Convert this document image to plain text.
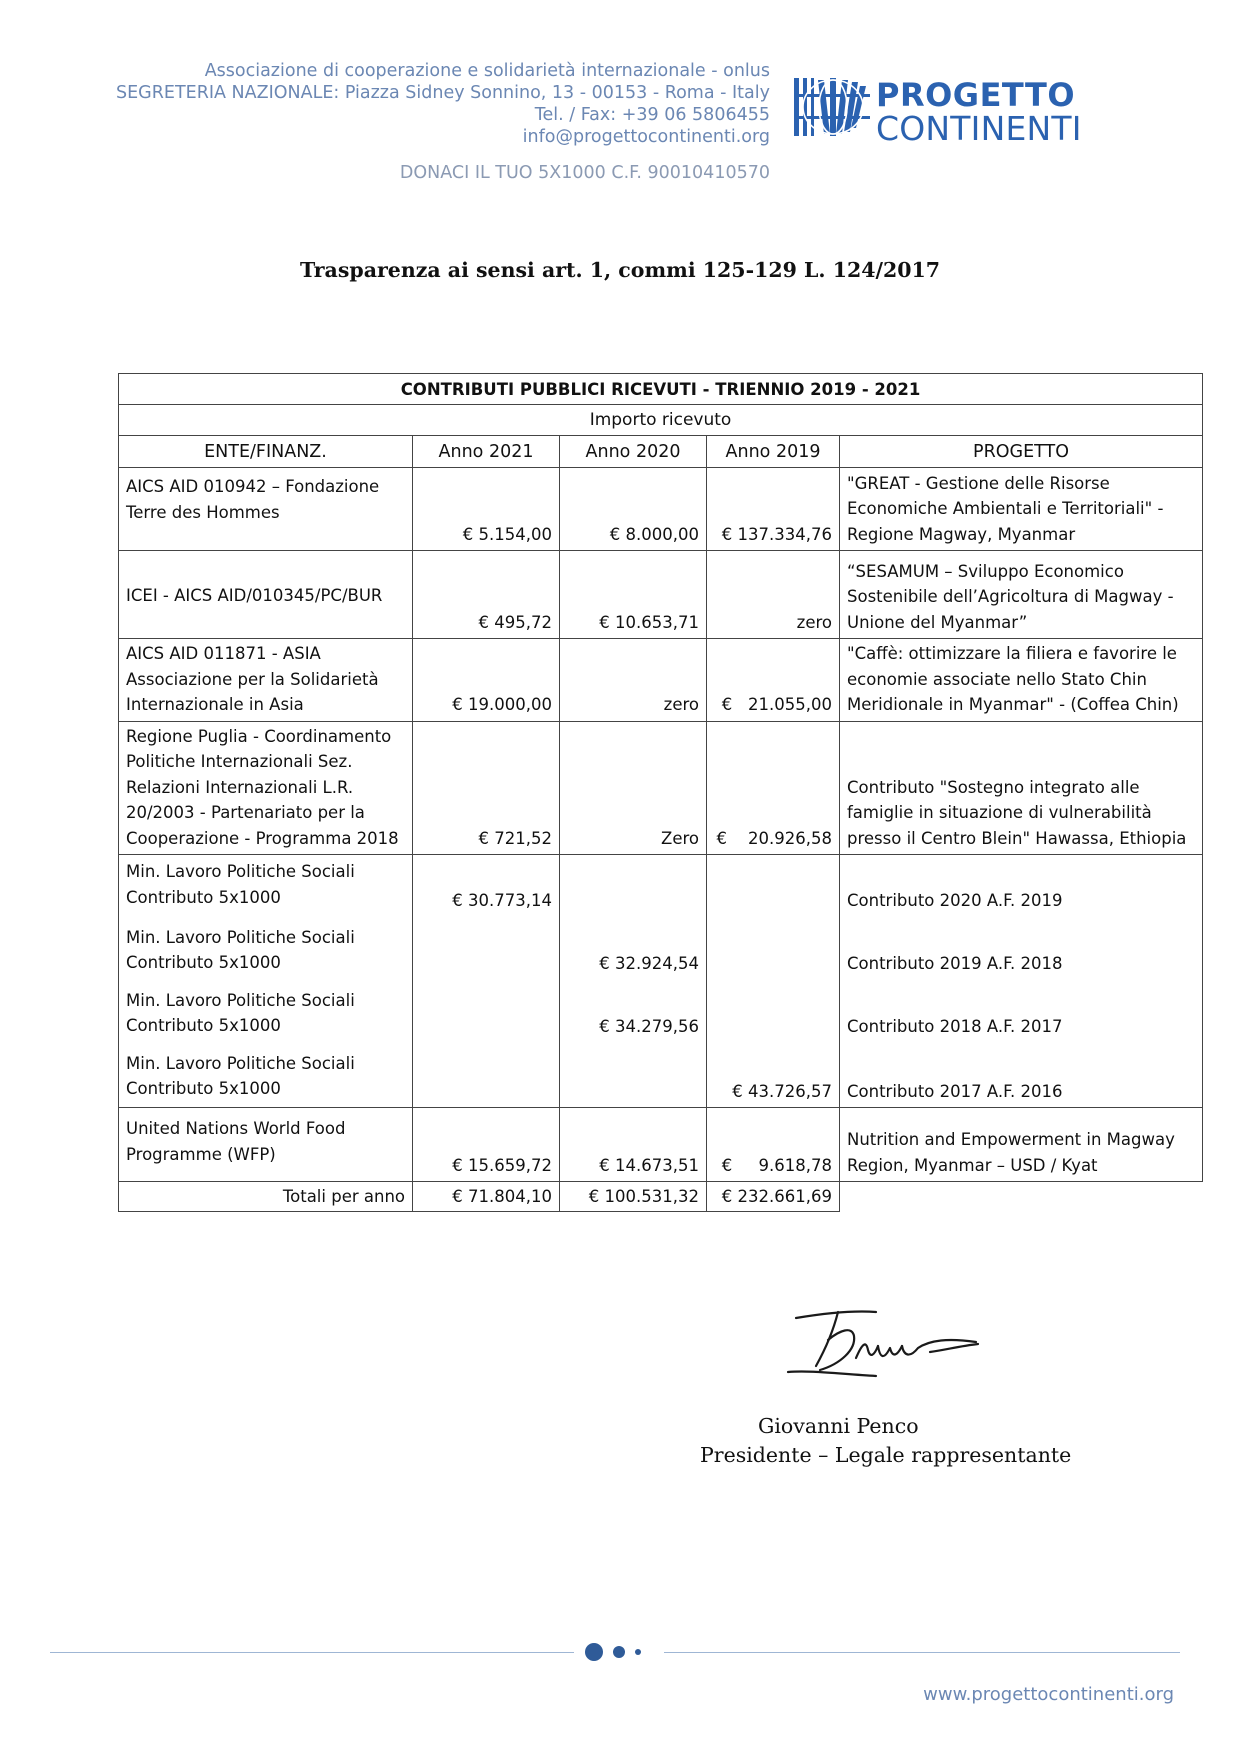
Associazione di cooperazione e solidarietà internazionale - onlus
SEGRETERIA NAZIONALE: Piazza Sidney Sonnino, 13 - 00153 - Roma - Italy
Tel. / Fax: +39 06 5806455
info@progettocontinenti.org
DONACI IL TUO 5X1000 C.F. 90010410570
PROGETTO
CONTINENTI
Trasparenza ai sensi art. 1, commi 125-129 L. 124/2017
CONTRIBUTI PUBBLICI RICEVUTI - TRIENNIO 2019 - 2021				
Importo ricevuto				
ENTE/FINANZ.	Anno 2021	Anno 2020	Anno 2019	PROGETTO
AICS AID 010942 – Fondazione Terre des Hommes	€ 5.154,00	€ 8.000,00	€ 137.334,76	"GREAT - Gestione delle Risorse Economiche Ambientali e Territoriali" - Regione Magway, Myanmar
ICEI - AICS AID/010345/PC/BUR	€ 495,72	€ 10.653,71	zero	“SESAMUM – Sviluppo Economico Sostenibile dell’Agricoltura di Magway - Unione del Myanmar”
AICS AID 011871 - ASIA Associazione per la Solidarietà Internazionale in Asia	€ 19.000,00	zero	€   21.055,00	"Caffè: ottimizzare la filiera e favorire le economie associate nello Stato Chin Meridionale in Myanmar" - (Coffea Chin)
Regione Puglia - Coordinamento Politiche Internazionali Sez. Relazioni Internazionali L.R. 20/2003 - Partenariato per la Cooperazione - Programma 2018	€ 721,52	Zero	€    20.926,58	Contributo "Sostegno integrato alle famiglie in situazione di vulnerabilità presso il Centro Blein" Hawassa, Ethiopia
Min. Lavoro Politiche Sociali Contributo 5x1000	€ 30.773,14			Contributo 2020 A.F. 2019
Min. Lavoro Politiche Sociali Contributo 5x1000		€ 32.924,54		Contributo 2019 A.F. 2018
Min. Lavoro Politiche Sociali Contributo 5x1000		€ 34.279,56		Contributo 2018 A.F. 2017
Min. Lavoro Politiche Sociali Contributo 5x1000			€ 43.726,57	Contributo 2017 A.F. 2016
United Nations World Food Programme (WFP)	€ 15.659,72	€ 14.673,51	€     9.618,78	Nutrition and Empowerment in Magway Region, Myanmar – USD / Kyat
Totali per anno	€ 71.804,10	€ 100.531,32	€ 232.661,69	
Giovanni Penco
Presidente – Legale rappresentante
www.progettocontinenti.org
